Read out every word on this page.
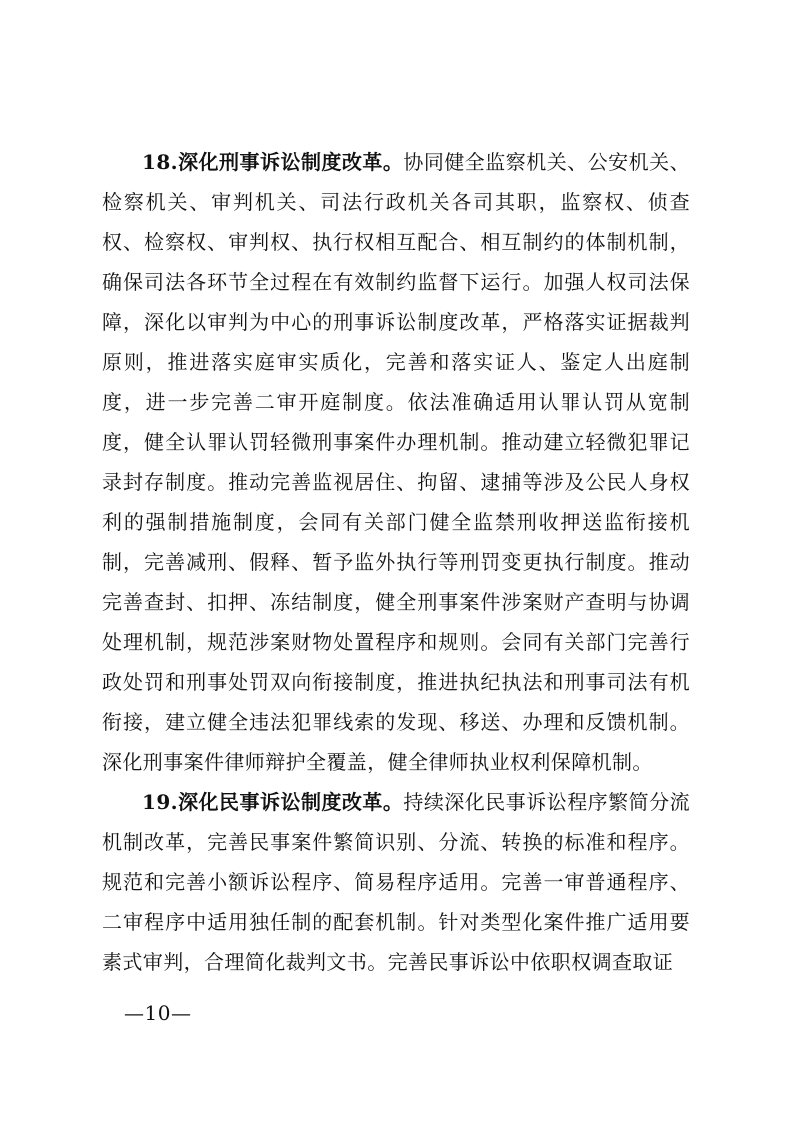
18.深化刑事诉讼制度改革。协同健全监察机关、公安机关、检察机关、审判机关、司法行政机关各司其职，监察权、侦查权、检察权、审判权、执行权相互配合、相互制约的体制机制，确保司法各环节全过程在有效制约监督下运行。加强人权司法保障，深化以审判为中心的刑事诉讼制度改革，严格落实证据裁判原则，推进落实庭审实质化，完善和落实证人、鉴定人出庭制度，进一步完善二审开庭制度。依法准确适用认罪认罚从宽制度，健全认罪认罚轻微刑事案件办理机制。推动建立轻微犯罪记录封存制度。推动完善监视居住、拘留、逮捕等涉及公民人身权利的强制措施制度，会同有关部门健全监禁刑收押送监衔接机制，完善减刑、假释、暂予监外执行等刑罚变更执行制度。推动完善查封、扣押、冻结制度，健全刑事案件涉案财产查明与协调处理机制，规范涉案财物处置程序和规则。会同有关部门完善行政处罚和刑事处罚双向衔接制度，推进执纪执法和刑事司法有机衔接，建立健全违法犯罪线索的发现、移送、办理和反馈机制。深化刑事案件律师辩护全覆盖，健全律师执业权利保障机制。

19.深化民事诉讼制度改革。持续深化民事诉讼程序繁简分流机制改革，完善民事案件繁简识别、分流、转换的标准和程序。规范和完善小额诉讼程序、简易程序适用。完善一审普通程序、二审程序中适用独任制的配套机制。针对类型化案件推广适用要素式审判，合理简化裁判文书。完善民事诉讼中依职权调查取证

—10—
